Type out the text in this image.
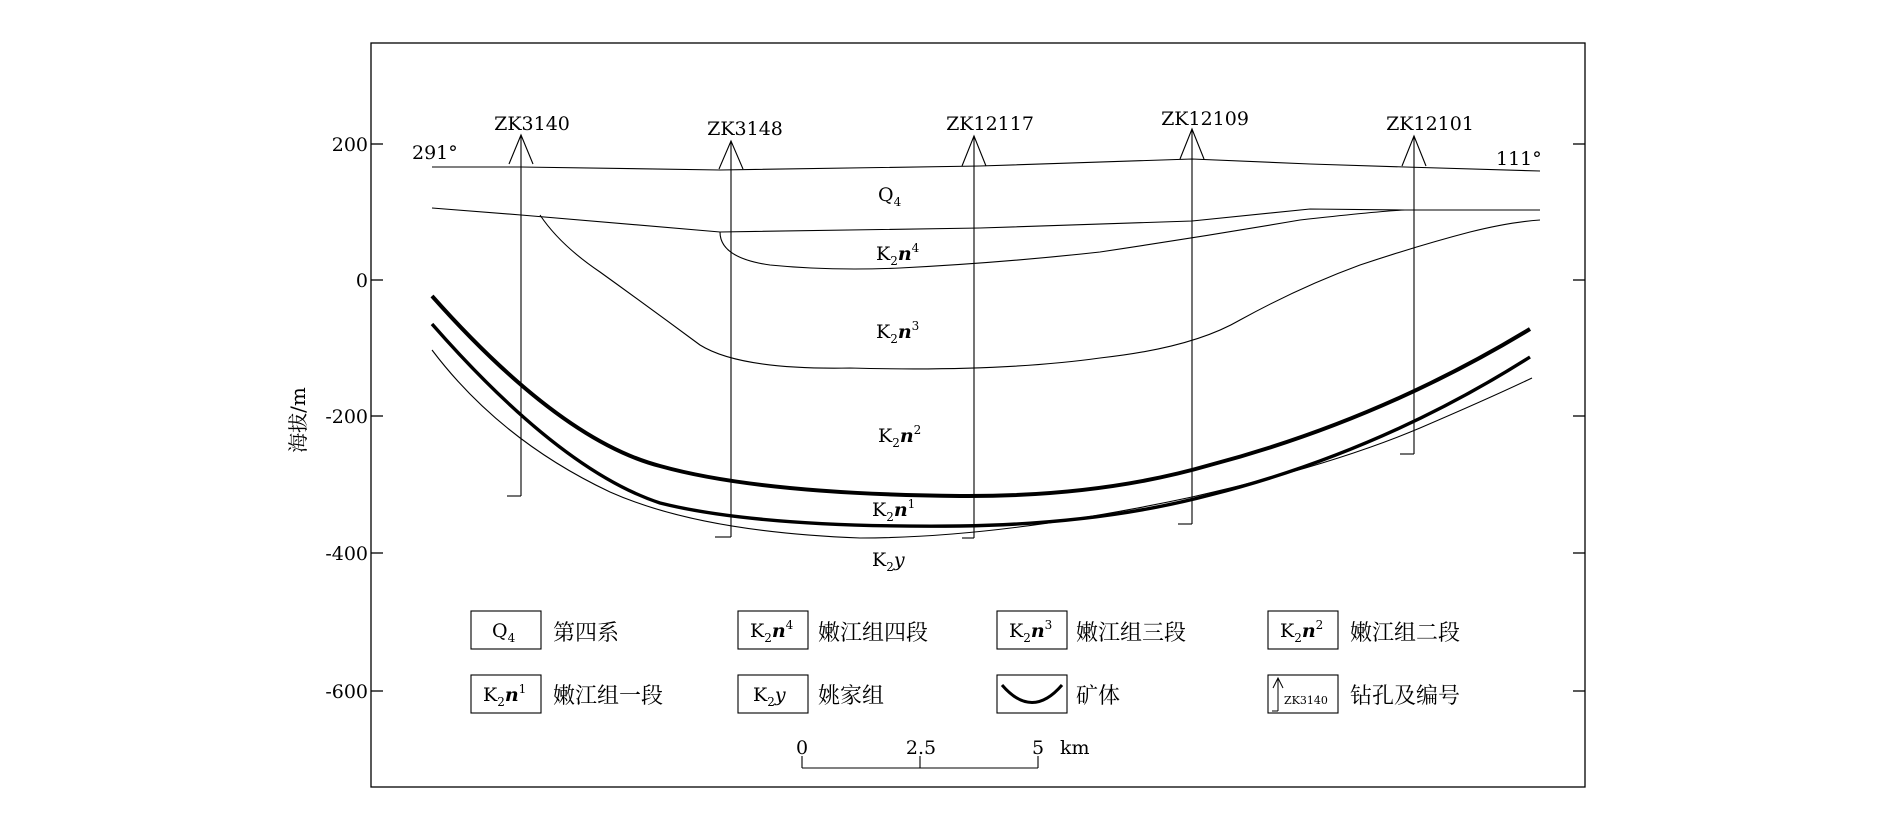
200
0
-200
-400
-600
海拔/m
291°	111°
ZK3140	ZK3148	ZK12117	ZK12109	ZK12101
$Q_4$
$K_2n^4$
$K_2n^3$
$K_2n^2$
$K_2n^1$
$K_2y$
$Q_4$ 第四系	$K_2n^4$ 嫩江组四段	$K_2n^3$ 嫩江组三段	$K_2n^2$ 嫩江组二段
$K_2n^1$ 嫩江组一段	$K_2y$ 姚家组	矿体	ZK3140 钻孔及编号
0	2.5	5 km
